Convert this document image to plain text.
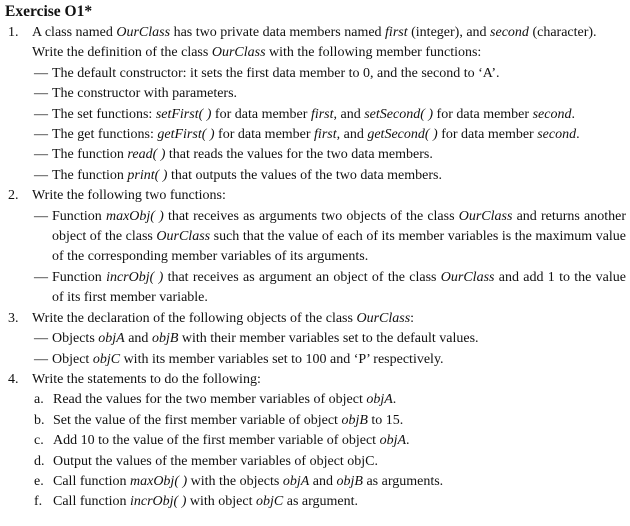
Exercise O1*
1. A class named OurClass has two private data members named first (integer), and second (character).
Write the definition of the class OurClass with the following member functions:
— The default constructor: it sets the first data member to 0, and the second to ‘A’.
— The constructor with parameters.
— The set functions: setFirst( ) for data member first, and setSecond( ) for data member second.
— The get functions: getFirst( ) for data member first, and getSecond( ) for data member second.
— The function read( ) that reads the values for the two data members.
— The function print( ) that outputs the values of the two data members.
2. Write the following two functions:
— Function maxObj( ) that receives as arguments two objects of the class OurClass and returns another object of the class OurClass such that the value of each of its member variables is the maximum value of the corresponding member variables of its arguments.
— Function incrObj( ) that receives as argument an object of the class OurClass and add 1 to the value of its first member variable.
3. Write the declaration of the following objects of the class OurClass:
— Objects objA and objB with their member variables set to the default values.
— Object objC with its member variables set to 100 and ‘P’ respectively.
4. Write the statements to do the following:
a. Read the values for the two member variables of object objA.
b. Set the value of the first member variable of object objB to 15.
c. Add 10 to the value of the first member variable of object objA.
d. Output the values of the member variables of object objC.
e. Call function maxObj( ) with the objects objA and objB as arguments.
f. Call function incrObj( ) with object objC as argument.
